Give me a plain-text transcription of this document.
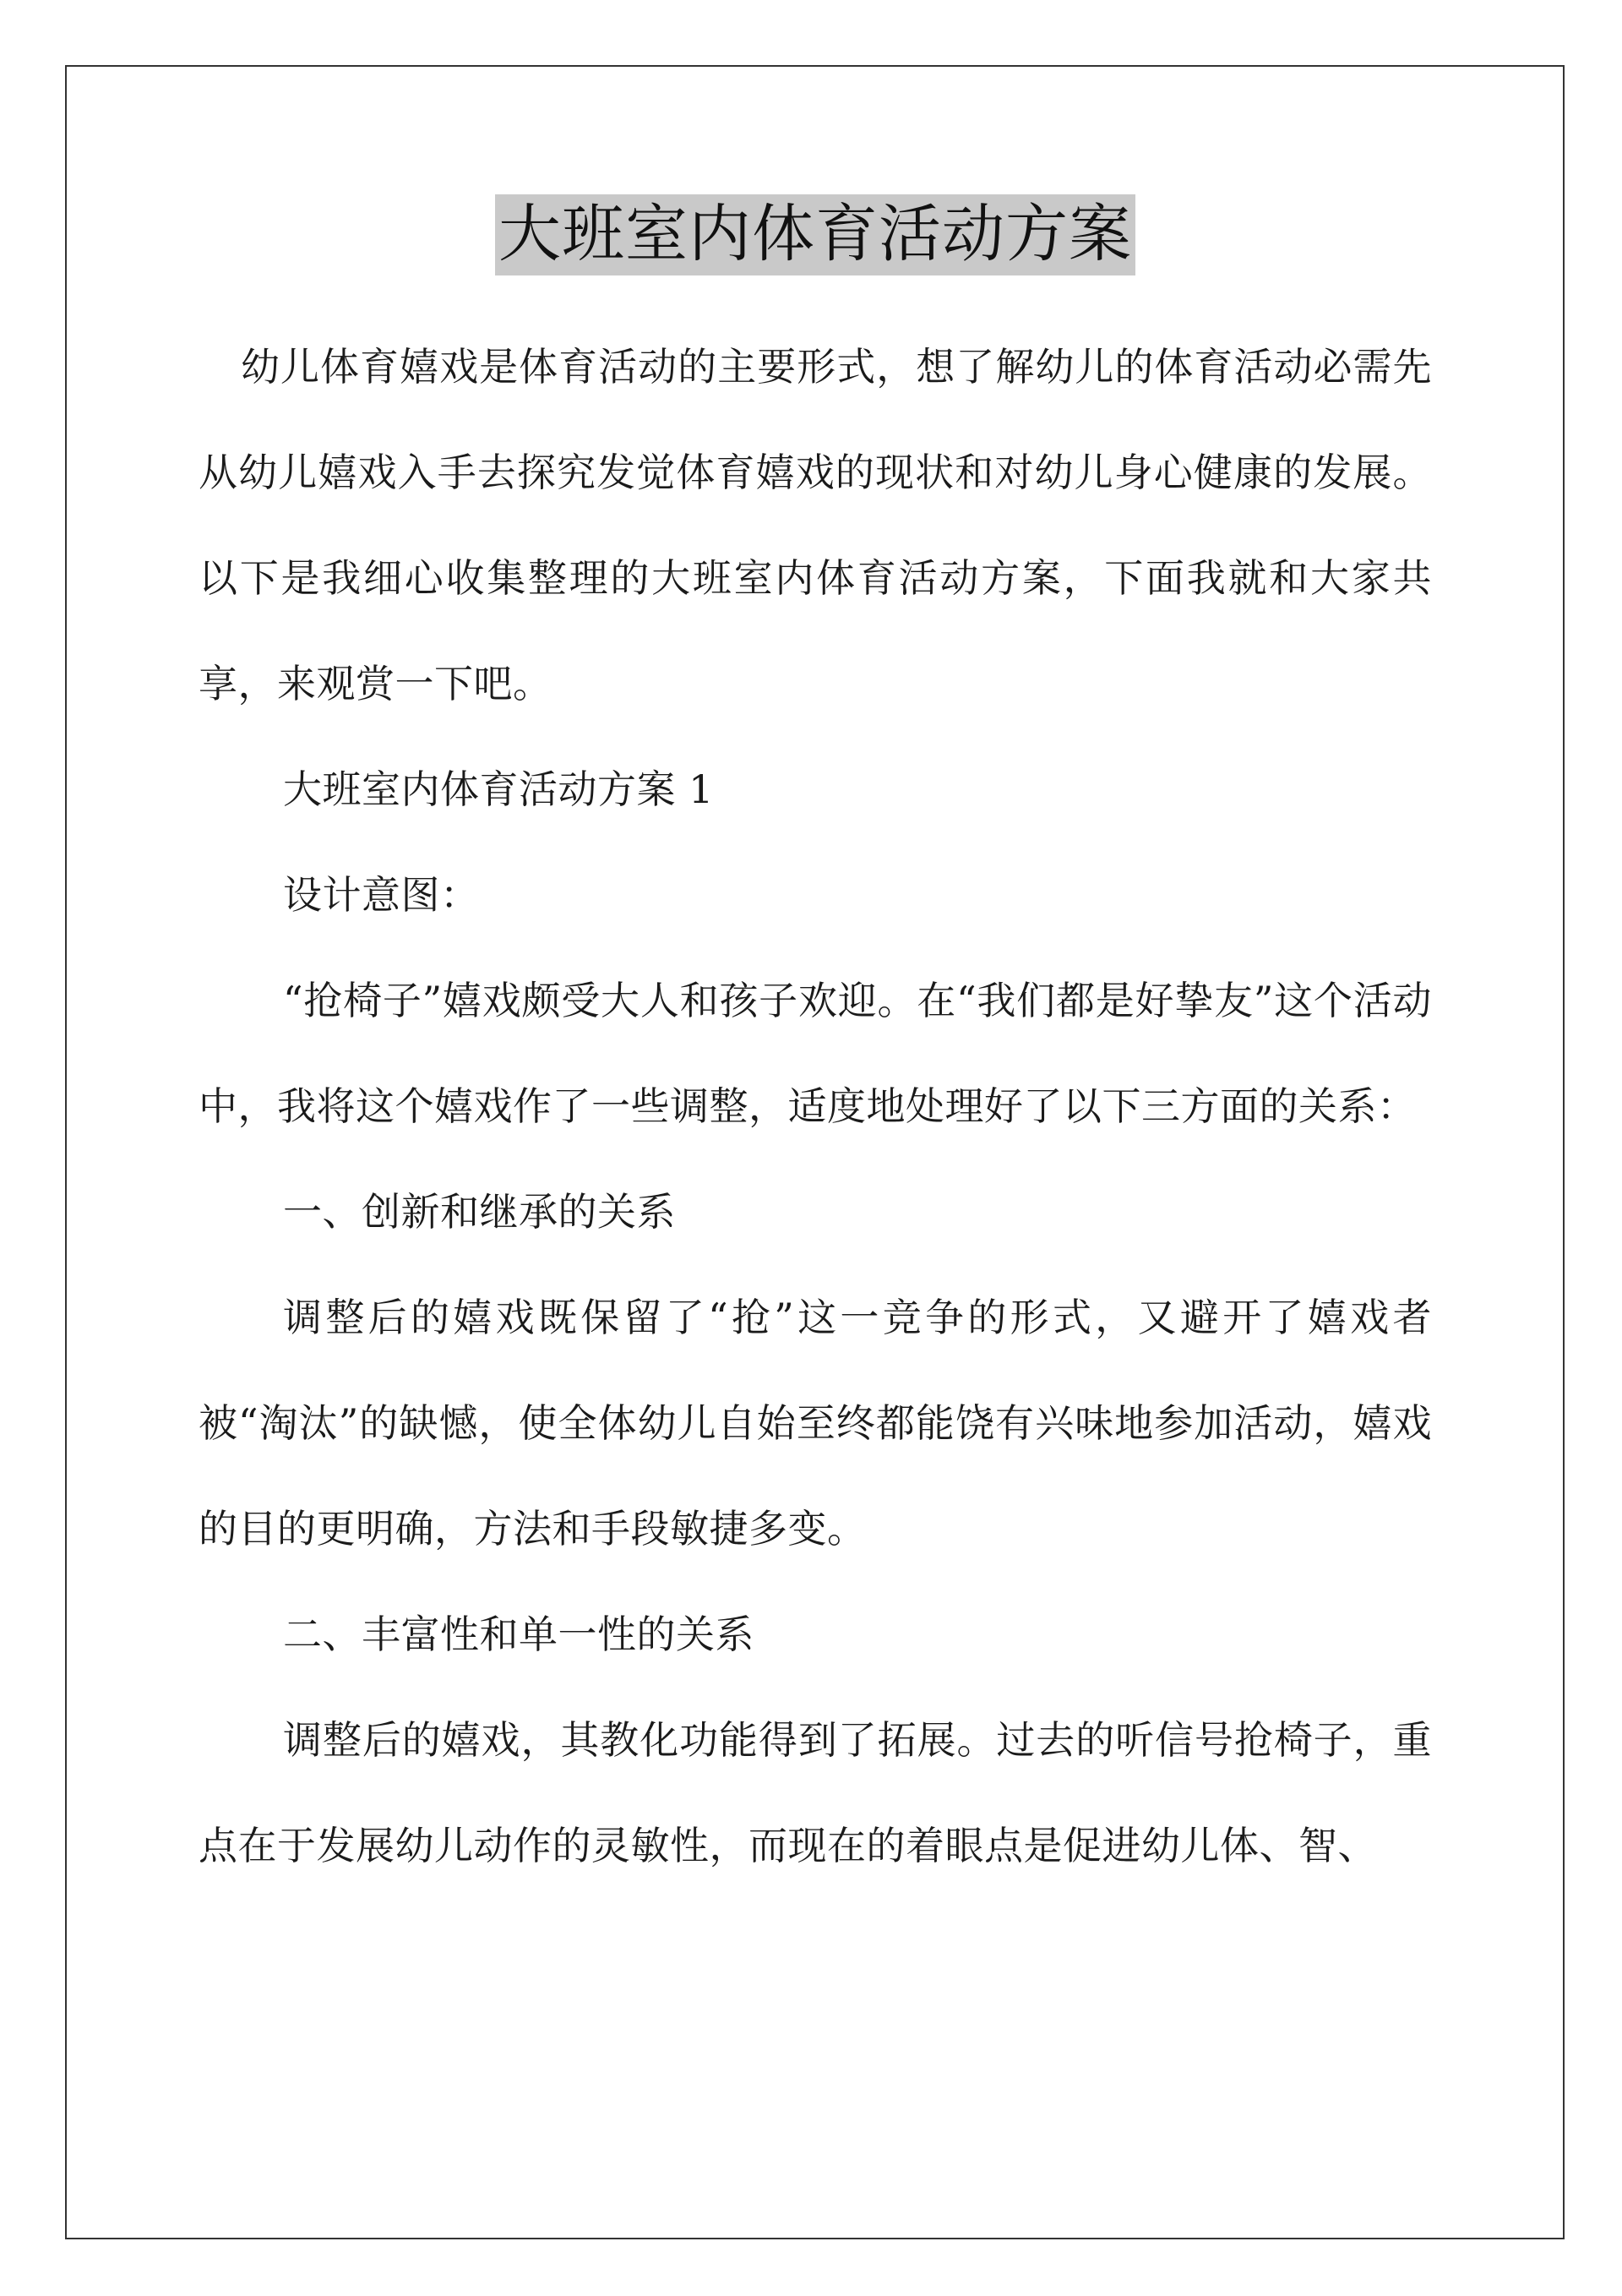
大班室内体育活动方案

幼儿体育嬉戏是体育活动的主要形式，想了解幼儿的体育活动必需先从幼儿嬉戏入手去探究发觉体育嬉戏的现状和对幼儿身心健康的发展。以下是我细心收集整理的大班室内体育活动方案，下面我就和大家共享，来观赏一下吧。

大班室内体育活动方案 1

设计意图：

“抢椅子”嬉戏颇受大人和孩子欢迎。在“我们都是好挚友”这个活动中，我将这个嬉戏作了一些调整，适度地处理好了以下三方面的关系：

一、创新和继承的关系

调整后的嬉戏既保留了“抢”这一竞争的形式，又避开了嬉戏者被“淘汰”的缺憾，使全体幼儿自始至终都能饶有兴味地参加活动，嬉戏的目的更明确，方法和手段敏捷多变。

二、丰富性和单一性的关系

调整后的嬉戏，其教化功能得到了拓展。过去的听信号抢椅子，重点在于发展幼儿动作的灵敏性，而现在的着眼点是促进幼儿体、智、
